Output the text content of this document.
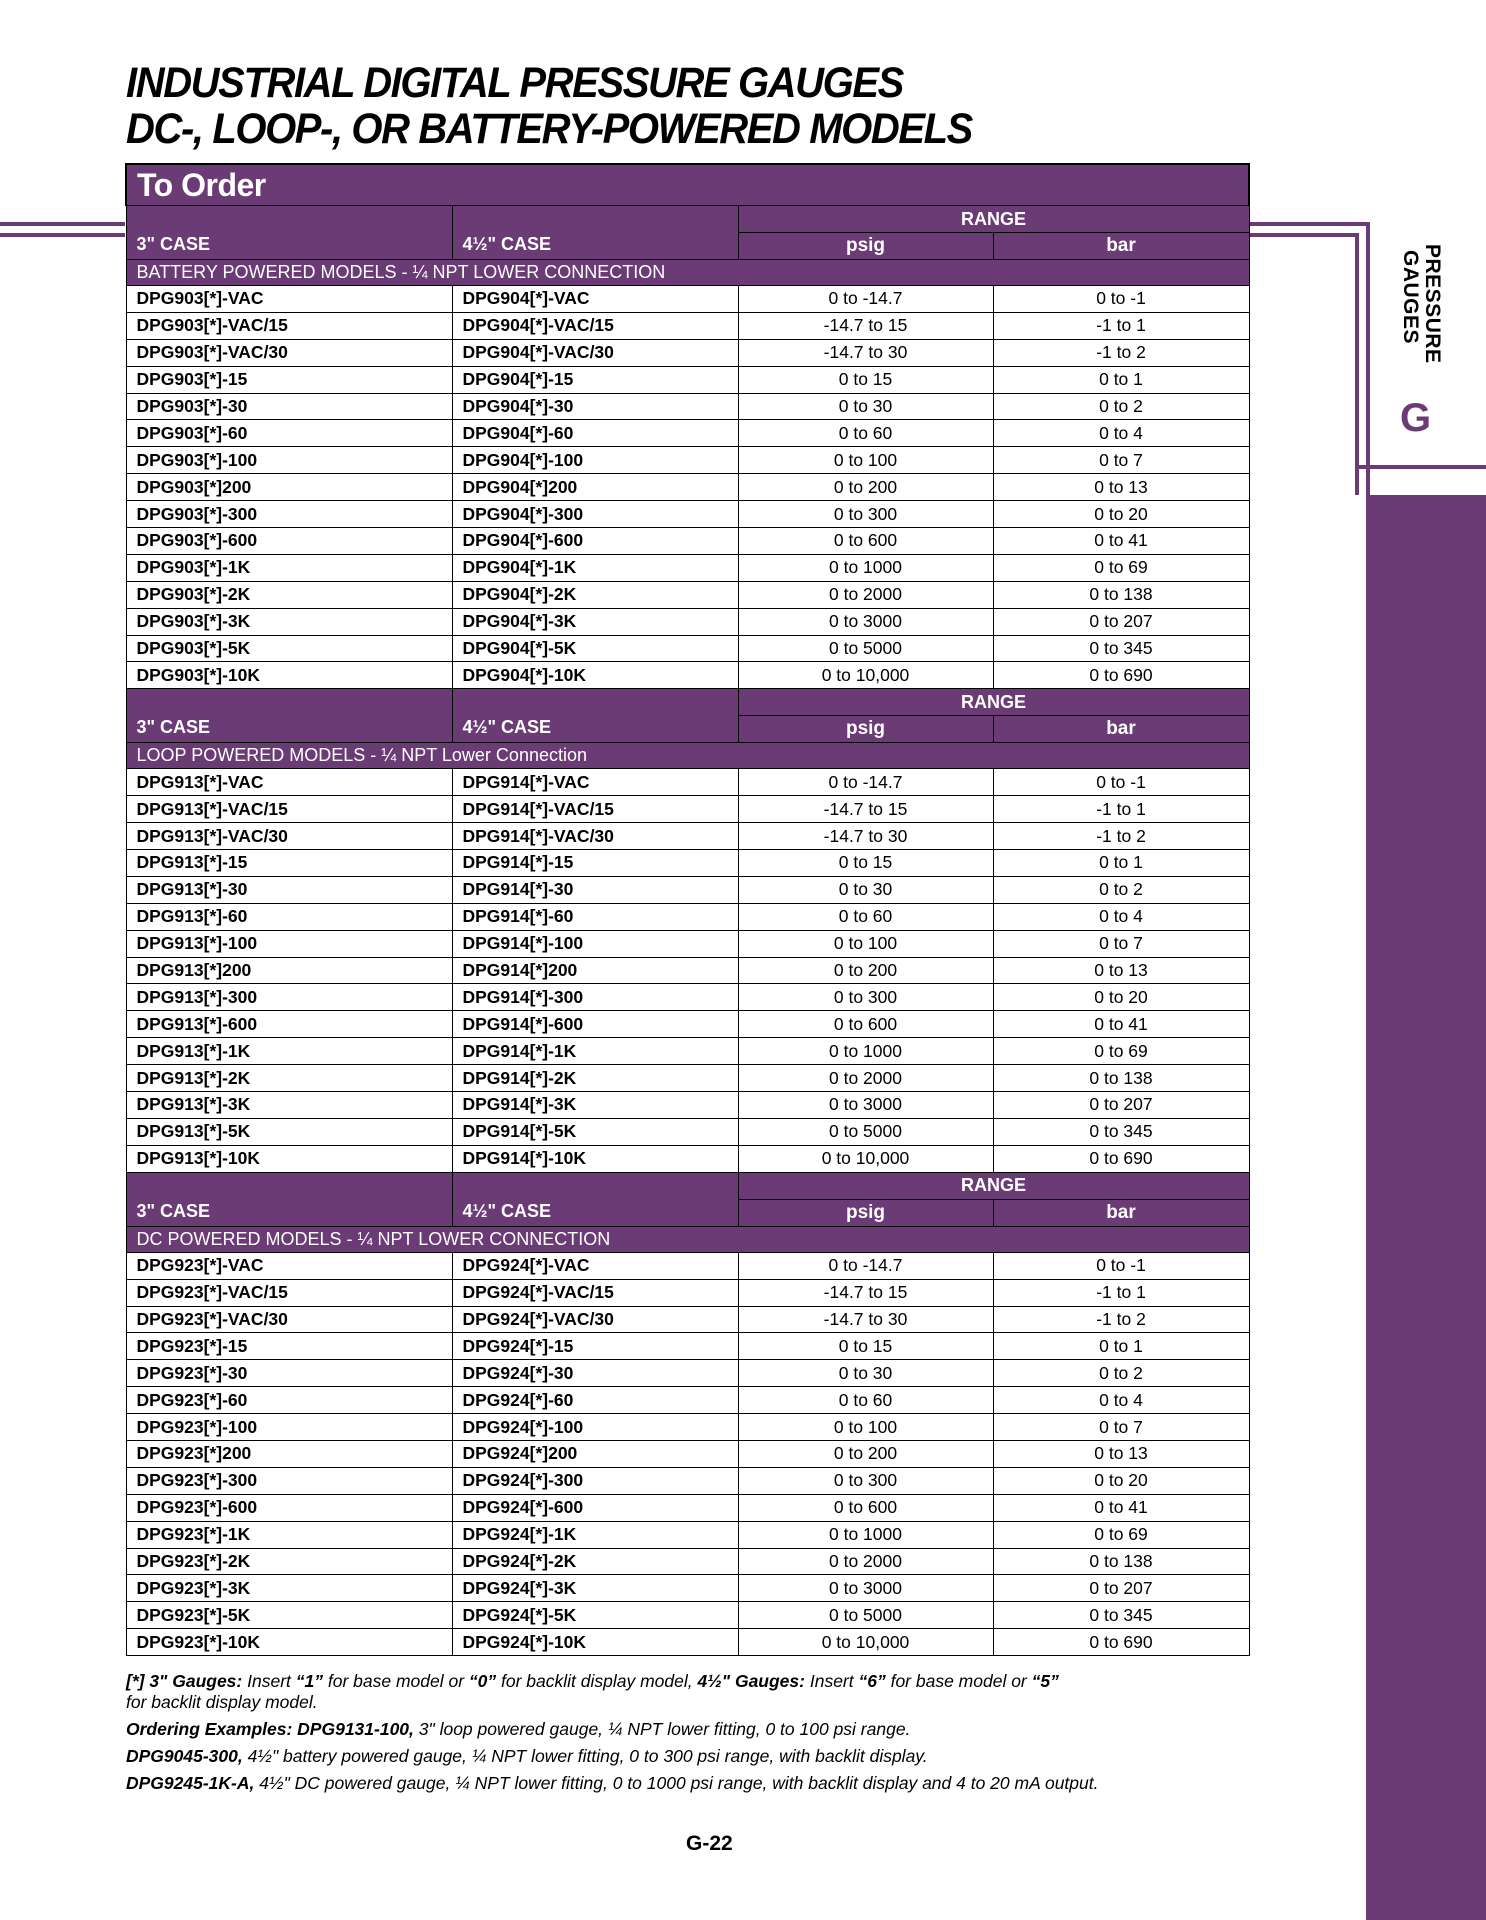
INDUSTRIAL DIGITAL PRESSURE GAUGES
DC-, LOOP-, OR BATTERY-POWERED MODELS
PRESSURE
GAUGES
G
To Order			
3" CASE	4½" CASE	RANGE	
		psig	bar
BATTERY POWERED MODELS - ¼ NPT LOWER CONNECTION			
DPG903[*]-VAC	DPG904[*]-VAC	0 to -14.7	0 to -1
DPG903[*]-VAC/15	DPG904[*]-VAC/15	-14.7 to 15	-1 to 1
DPG903[*]-VAC/30	DPG904[*]-VAC/30	-14.7 to 30	-1 to 2
DPG903[*]-15	DPG904[*]-15	0 to 15	0 to 1
DPG903[*]-30	DPG904[*]-30	0 to 30	0 to 2
DPG903[*]-60	DPG904[*]-60	0 to 60	0 to 4
DPG903[*]-100	DPG904[*]-100	0 to 100	0 to 7
DPG903[*]200	DPG904[*]200	0 to 200	0 to 13
DPG903[*]-300	DPG904[*]-300	0 to 300	0 to 20
DPG903[*]-600	DPG904[*]-600	0 to 600	0 to 41
DPG903[*]-1K	DPG904[*]-1K	0 to 1000	0 to 69
DPG903[*]-2K	DPG904[*]-2K	0 to 2000	0 to 138
DPG903[*]-3K	DPG904[*]-3K	0 to 3000	0 to 207
DPG903[*]-5K	DPG904[*]-5K	0 to 5000	0 to 345
DPG903[*]-10K	DPG904[*]-10K	0 to 10,000	0 to 690
3" CASE	4½" CASE	RANGE	
		psig	bar
LOOP POWERED MODELS - ¼ NPT Lower Connection			
DPG913[*]-VAC	DPG914[*]-VAC	0 to -14.7	0 to -1
DPG913[*]-VAC/15	DPG914[*]-VAC/15	-14.7 to 15	-1 to 1
DPG913[*]-VAC/30	DPG914[*]-VAC/30	-14.7 to 30	-1 to 2
DPG913[*]-15	DPG914[*]-15	0 to 15	0 to 1
DPG913[*]-30	DPG914[*]-30	0 to 30	0 to 2
DPG913[*]-60	DPG914[*]-60	0 to 60	0 to 4
DPG913[*]-100	DPG914[*]-100	0 to 100	0 to 7
DPG913[*]200	DPG914[*]200	0 to 200	0 to 13
DPG913[*]-300	DPG914[*]-300	0 to 300	0 to 20
DPG913[*]-600	DPG914[*]-600	0 to 600	0 to 41
DPG913[*]-1K	DPG914[*]-1K	0 to 1000	0 to 69
DPG913[*]-2K	DPG914[*]-2K	0 to 2000	0 to 138
DPG913[*]-3K	DPG914[*]-3K	0 to 3000	0 to 207
DPG913[*]-5K	DPG914[*]-5K	0 to 5000	0 to 345
DPG913[*]-10K	DPG914[*]-10K	0 to 10,000	0 to 690
3" CASE	4½" CASE	RANGE	
		psig	bar
DC POWERED MODELS - ¼ NPT LOWER CONNECTION			
DPG923[*]-VAC	DPG924[*]-VAC	0 to -14.7	0 to -1
DPG923[*]-VAC/15	DPG924[*]-VAC/15	-14.7 to 15	-1 to 1
DPG923[*]-VAC/30	DPG924[*]-VAC/30	-14.7 to 30	-1 to 2
DPG923[*]-15	DPG924[*]-15	0 to 15	0 to 1
DPG923[*]-30	DPG924[*]-30	0 to 30	0 to 2
DPG923[*]-60	DPG924[*]-60	0 to 60	0 to 4
DPG923[*]-100	DPG924[*]-100	0 to 100	0 to 7
DPG923[*]200	DPG924[*]200	0 to 200	0 to 13
DPG923[*]-300	DPG924[*]-300	0 to 300	0 to 20
DPG923[*]-600	DPG924[*]-600	0 to 600	0 to 41
DPG923[*]-1K	DPG924[*]-1K	0 to 1000	0 to 69
DPG923[*]-2K	DPG924[*]-2K	0 to 2000	0 to 138
DPG923[*]-3K	DPG924[*]-3K	0 to 3000	0 to 207
DPG923[*]-5K	DPG924[*]-5K	0 to 5000	0 to 345
DPG923[*]-10K	DPG924[*]-10K	0 to 10,000	0 to 690

[*] 3" Gauges: Insert “1” for base model or “0” for backlit display model, 4½" Gauges: Insert “6” for base model or “5”
for backlit display model.

Ordering Examples: DPG9131-100, 3" loop powered gauge, ¼ NPT lower fitting, 0 to 100 psi range.

DPG9045-300, 4½" battery powered gauge, ¼ NPT lower fitting, 0 to 300 psi range, with backlit display.

DPG9245-1K-A, 4½" DC powered gauge, ¼ NPT lower fitting, 0 to 1000 psi range, with backlit display and 4 to 20 mA output.

G-22
